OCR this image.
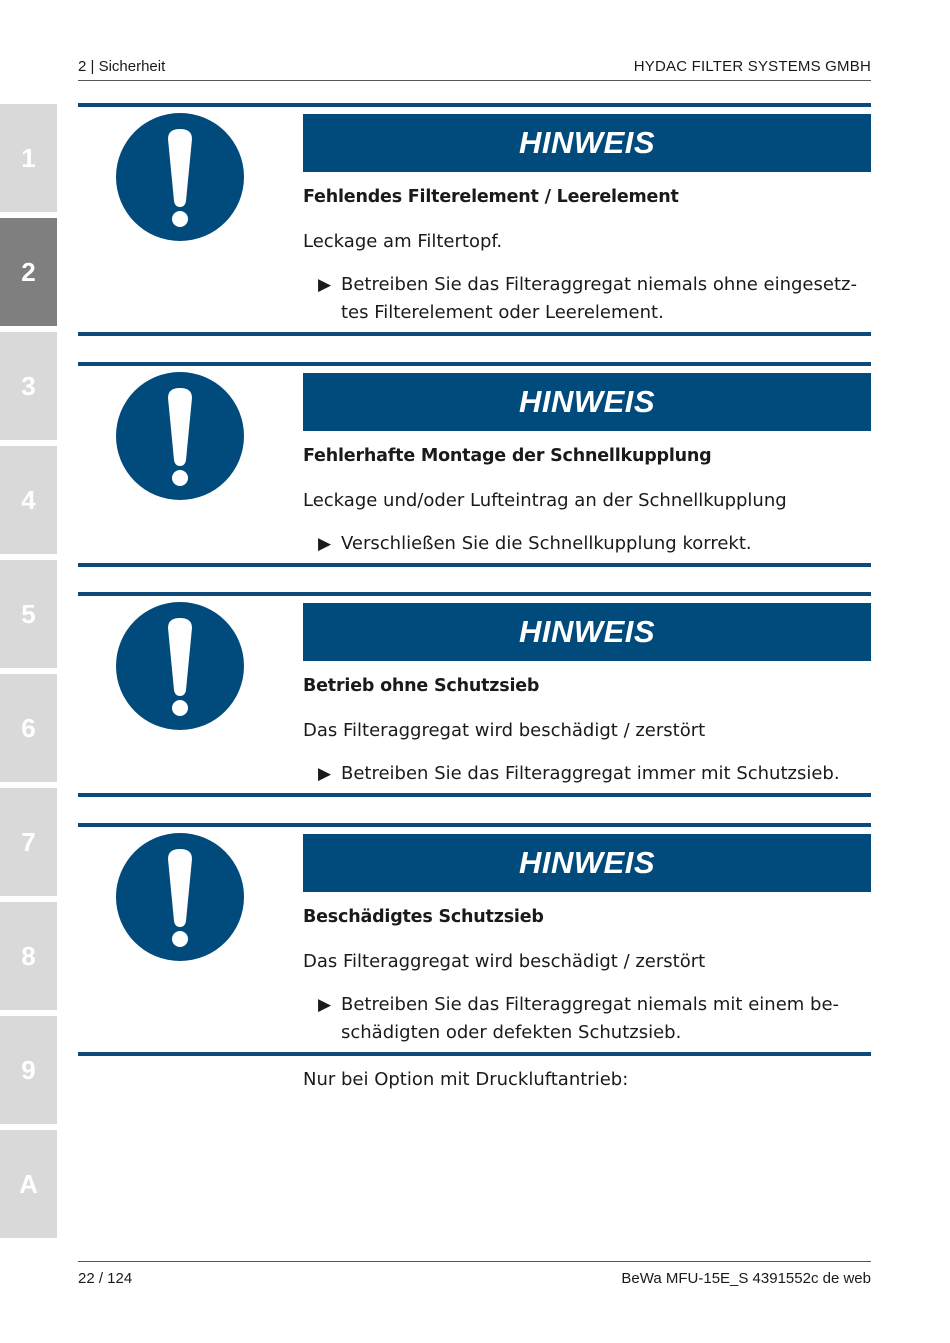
2 | Sicherheit	HYDAC FILTER SYSTEMS GMBH
1
2
3
4
5
6
7
8
9
A
HINWEIS
Fehlendes Filterelement / Leerelement
Leckage am Filtertopf.
▶ Betreiben Sie das Filteraggregat niemals ohne eingesetz- tes Filterelement oder Leerelement.
HINWEIS
Fehlerhafte Montage der Schnellkupplung
Leckage und/oder Lufteintrag an der Schnellkupplung
▶ Verschließen Sie die Schnellkupplung korrekt.
HINWEIS
Betrieb ohne Schutzsieb
Das Filteraggregat wird beschädigt / zerstört
▶ Betreiben Sie das Filteraggregat immer mit Schutzsieb.
HINWEIS
Beschädigtes Schutzsieb
Das Filteraggregat wird beschädigt / zerstört
▶ Betreiben Sie das Filteraggregat niemals mit einem be- schädigten oder defekten Schutzsieb.
Nur bei Option mit Druckluftantrieb:
22 / 124	BeWa MFU-15E_S 4391552c de web
